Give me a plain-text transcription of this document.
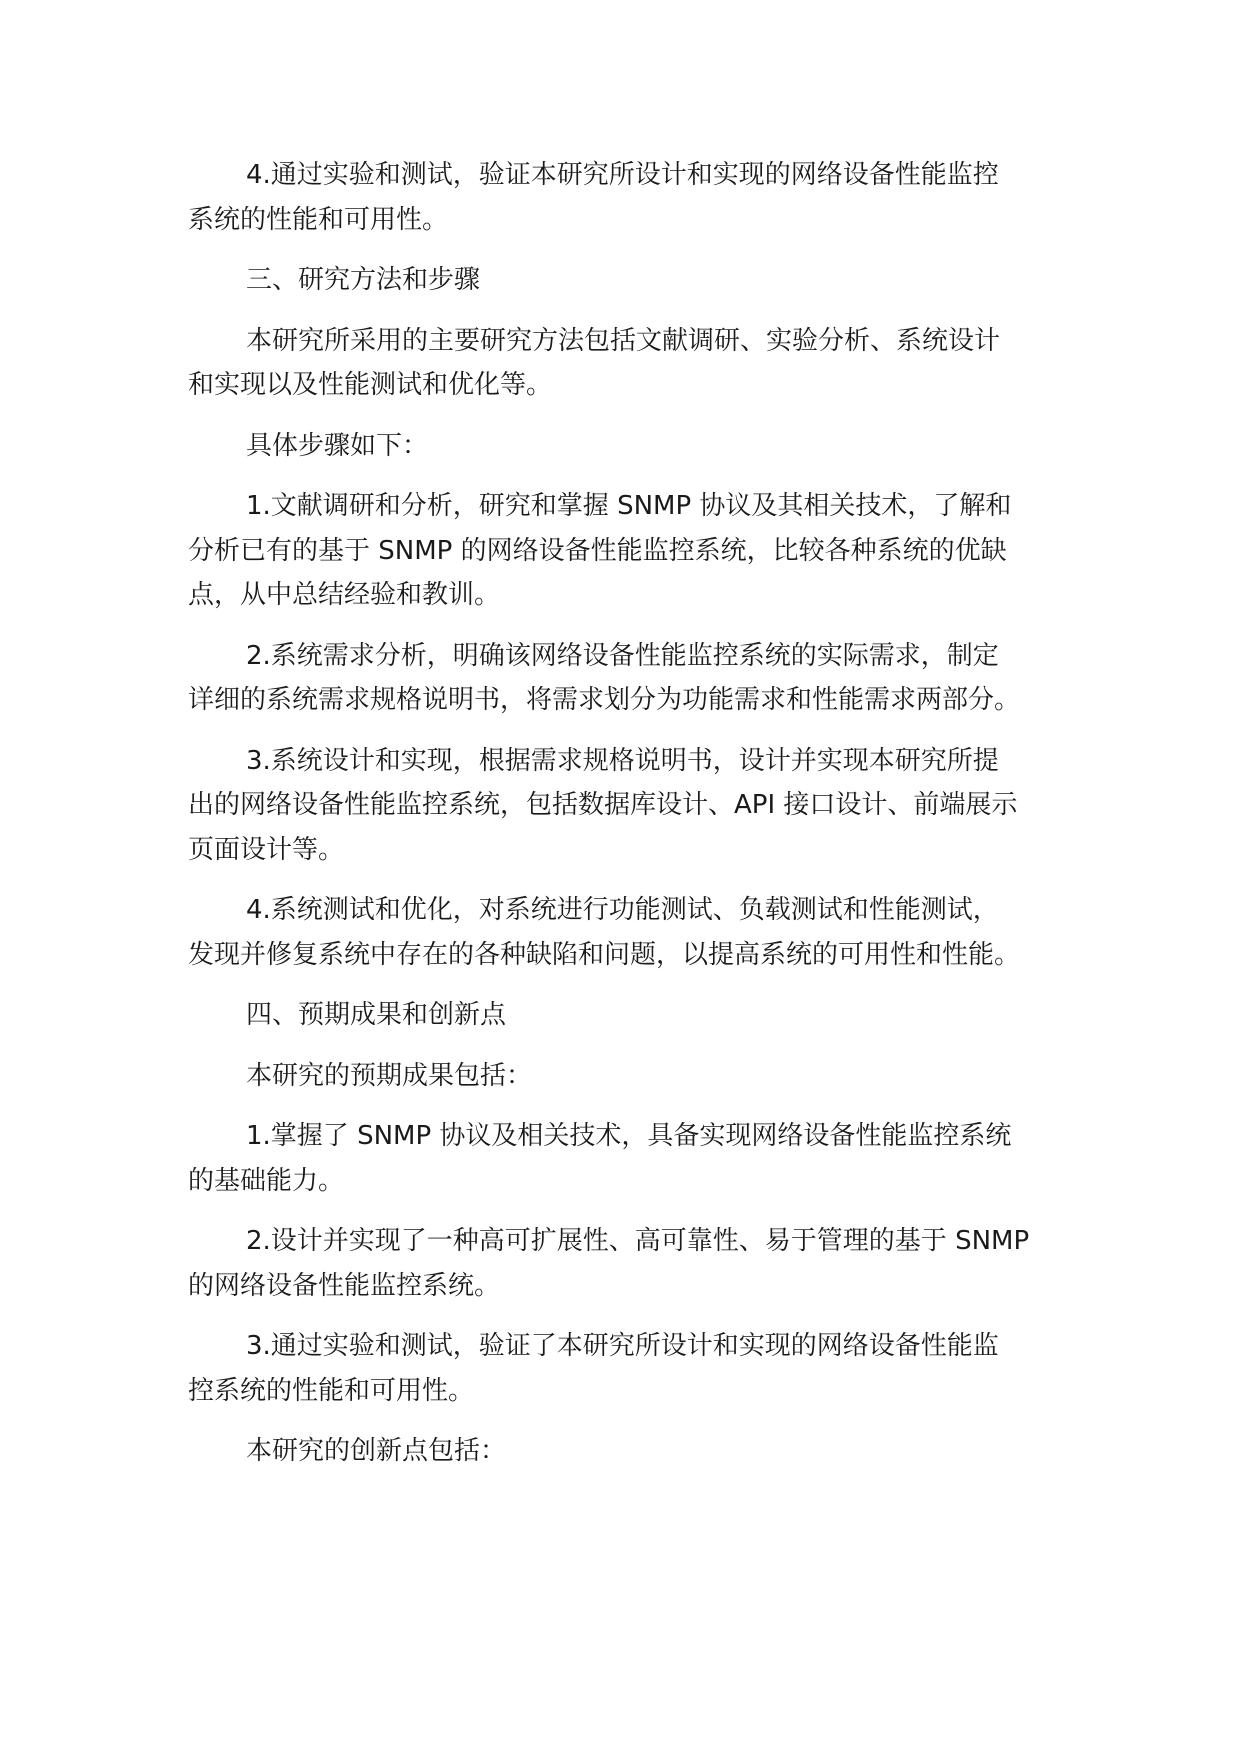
4.通过实验和测试，验证本研究所设计和实现的网络设备性能监控
系统的性能和可用性。

三、研究方法和步骤

本研究所采用的主要研究方法包括文献调研、实验分析、系统设计
和实现以及性能测试和优化等。

具体步骤如下：

1.文献调研和分析，研究和掌握 SNMP 协议及其相关技术，了解和
分析已有的基于 SNMP 的网络设备性能监控系统，比较各种系统的优缺
点，从中总结经验和教训。

2.系统需求分析，明确该网络设备性能监控系统的实际需求，制定
详细的系统需求规格说明书，将需求划分为功能需求和性能需求两部分。

3.系统设计和实现，根据需求规格说明书，设计并实现本研究所提
出的网络设备性能监控系统，包括数据库设计、API 接口设计、前端展示
页面设计等。

4.系统测试和优化，对系统进行功能测试、负载测试和性能测试，
发现并修复系统中存在的各种缺陷和问题，以提高系统的可用性和性能。

四、预期成果和创新点

本研究的预期成果包括：

1.掌握了 SNMP 协议及相关技术，具备实现网络设备性能监控系统
的基础能力。

2.设计并实现了一种高可扩展性、高可靠性、易于管理的基于 SNMP
的网络设备性能监控系统。

3.通过实验和测试，验证了本研究所设计和实现的网络设备性能监
控系统的性能和可用性。

本研究的创新点包括：
